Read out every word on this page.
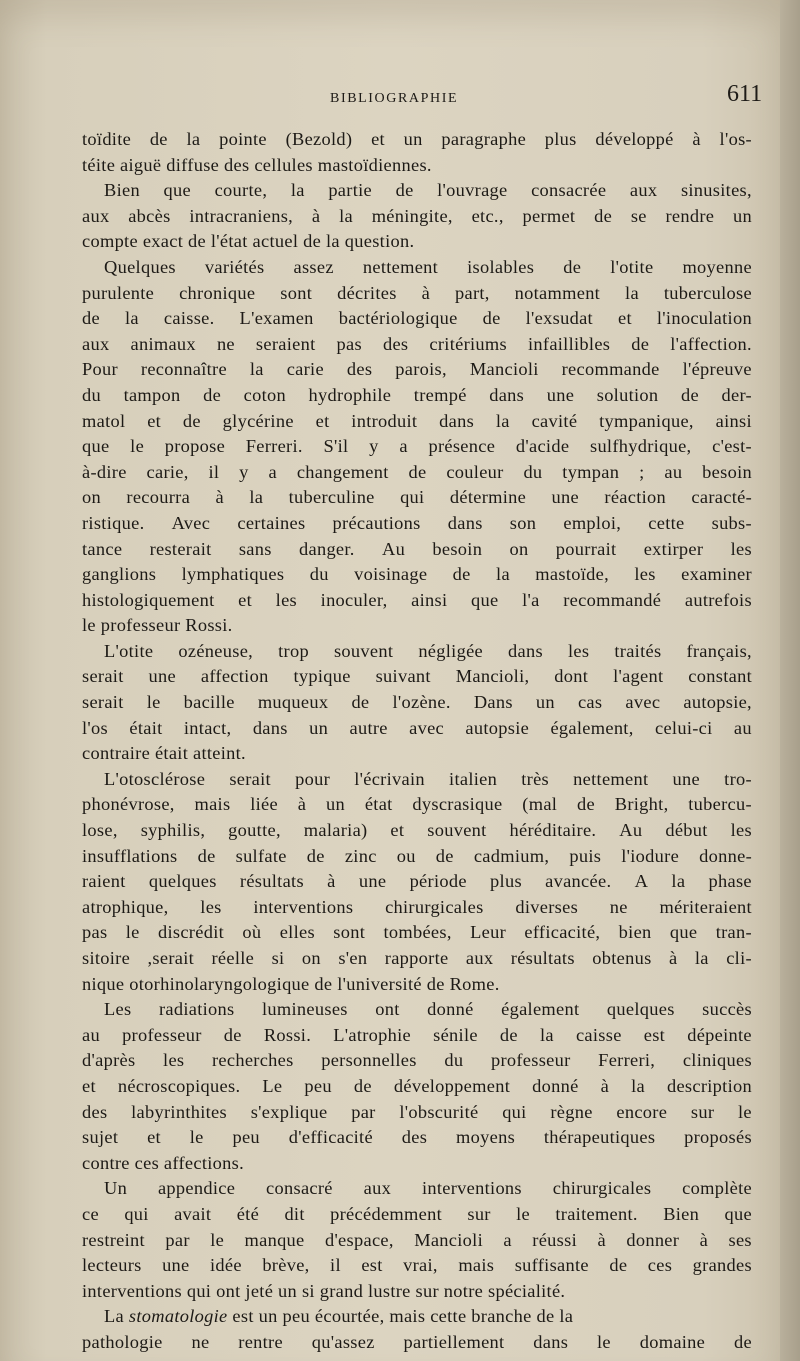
BIBLIOGRAPHIE	611
toïdite de la pointe (Bezold) et un paragraphe plus développé à l'os-
téite aiguë diffuse des cellules mastoïdiennes.
Bien que courte, la partie de l'ouvrage consacrée aux sinusites,
aux abcès intracraniens, à la méningite, etc., permet de se rendre un
compte exact de l'état actuel de la question.
Quelques variétés assez nettement isolables de l'otite moyenne
purulente chronique sont décrites à part, notamment la tuberculose
de la caisse. L'examen bactériologique de l'exsudat et l'inoculation
aux animaux ne seraient pas des critériums infaillibles de l'affection.
Pour reconnaître la carie des parois, Mancioli recommande l'épreuve
du tampon de coton hydrophile trempé dans une solution de der-
matol et de glycérine et introduit dans la cavité tympanique, ainsi
que le propose Ferreri. S'il y a présence d'acide sulfhydrique, c'est-
à-dire carie, il y a changement de couleur du tympan ; au besoin
on recourra à la tuberculine qui détermine une réaction caracté-
ristique. Avec certaines précautions dans son emploi, cette subs-
tance resterait sans danger. Au besoin on pourrait extirper les
ganglions lymphatiques du voisinage de la mastoïde, les examiner
histologiquement et les inoculer, ainsi que l'a recommandé autrefois
le professeur Rossi.
L'otite ozéneuse, trop souvent négligée dans les traités français,
serait une affection typique suivant Mancioli, dont l'agent constant
serait le bacille muqueux de l'ozène. Dans un cas avec autopsie,
l'os était intact, dans un autre avec autopsie également, celui-ci au
contraire était atteint.
L'otosclérose serait pour l'écrivain italien très nettement une tro-
phonévrose, mais liée à un état dyscrasique (mal de Bright, tubercu-
lose, syphilis, goutte, malaria) et souvent héréditaire. Au début les
insufflations de sulfate de zinc ou de cadmium, puis l'iodure donne-
raient quelques résultats à une période plus avancée. A la phase
atrophique, les interventions chirurgicales diverses ne mériteraient
pas le discrédit où elles sont tombées, Leur efficacité, bien que tran-
sitoire ,serait réelle si on s'en rapporte aux résultats obtenus à la cli-
nique otorhinolaryngologique de l'université de Rome.
Les radiations lumineuses ont donné également quelques succès
au professeur de Rossi. L'atrophie sénile de la caisse est dépeinte
d'après les recherches personnelles du professeur Ferreri, cliniques
et nécroscopiques. Le peu de développement donné à la description
des labyrinthites s'explique par l'obscurité qui règne encore sur le
sujet et le peu d'efficacité des moyens thérapeutiques proposés
contre ces affections.
Un appendice consacré aux interventions chirurgicales complète
ce qui avait été dit précédemment sur le traitement. Bien que
restreint par le manque d'espace, Mancioli a réussi à donner à ses
lecteurs une idée brève, il est vrai, mais suffisante de ces grandes
interventions qui ont jeté un si grand lustre sur notre spécialité.
La stomatologie est un peu écourtée, mais cette branche de la
pathologie ne rentre qu'assez partiellement dans le domaine de
